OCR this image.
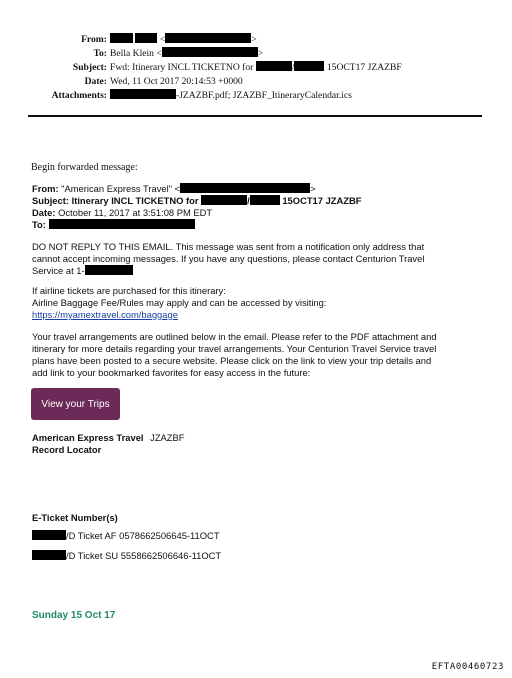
From:	<	>
To: Bella Klein <	>
Subject: Fwd: Itinerary INCL TICKETNO for	/	15OCT17 JZAZBF
Date: Wed, 11 Oct 2017 20:14:53 +0000
Attachments:	-JZAZBF.pdf; JZAZBF_ItineraryCalendar.ics
Begin forwarded message:
From: "American Express Travel" <	>
Subject: Itinerary INCL TICKETNO for	/	15OCT17 JZAZBF
Date: October 11, 2017 at 3:51:08 PM EDT
To:
DO NOT REPLY TO THIS EMAIL. This message was sent from a notification only address that
cannot accept incoming messages. If you have any questions, please contact Centurion Travel
Service at 1-
If airline tickets are purchased for this itinerary:
Airline Baggage Fee/Rules may apply and can be accessed by visiting:
https://myamextravel.com/baggage
Your travel arrangements are outlined below in the email. Please refer to the PDF attachment and
itinerary for more details regarding your travel arrangements. Your Centurion Travel Service travel
plans have been posted to a secure website. Please click on the link to view your trip details and
add link to your bookmarked favorites for easy access in the future:
View your Trips
American Express Travel JZAZBF
Record Locator
E-Ticket Number(s)
/D Ticket AF 0578662506645-11OCT
/D Ticket SU 5558662506646-11OCT
Sunday 15 Oct 17
EFTA00460723
